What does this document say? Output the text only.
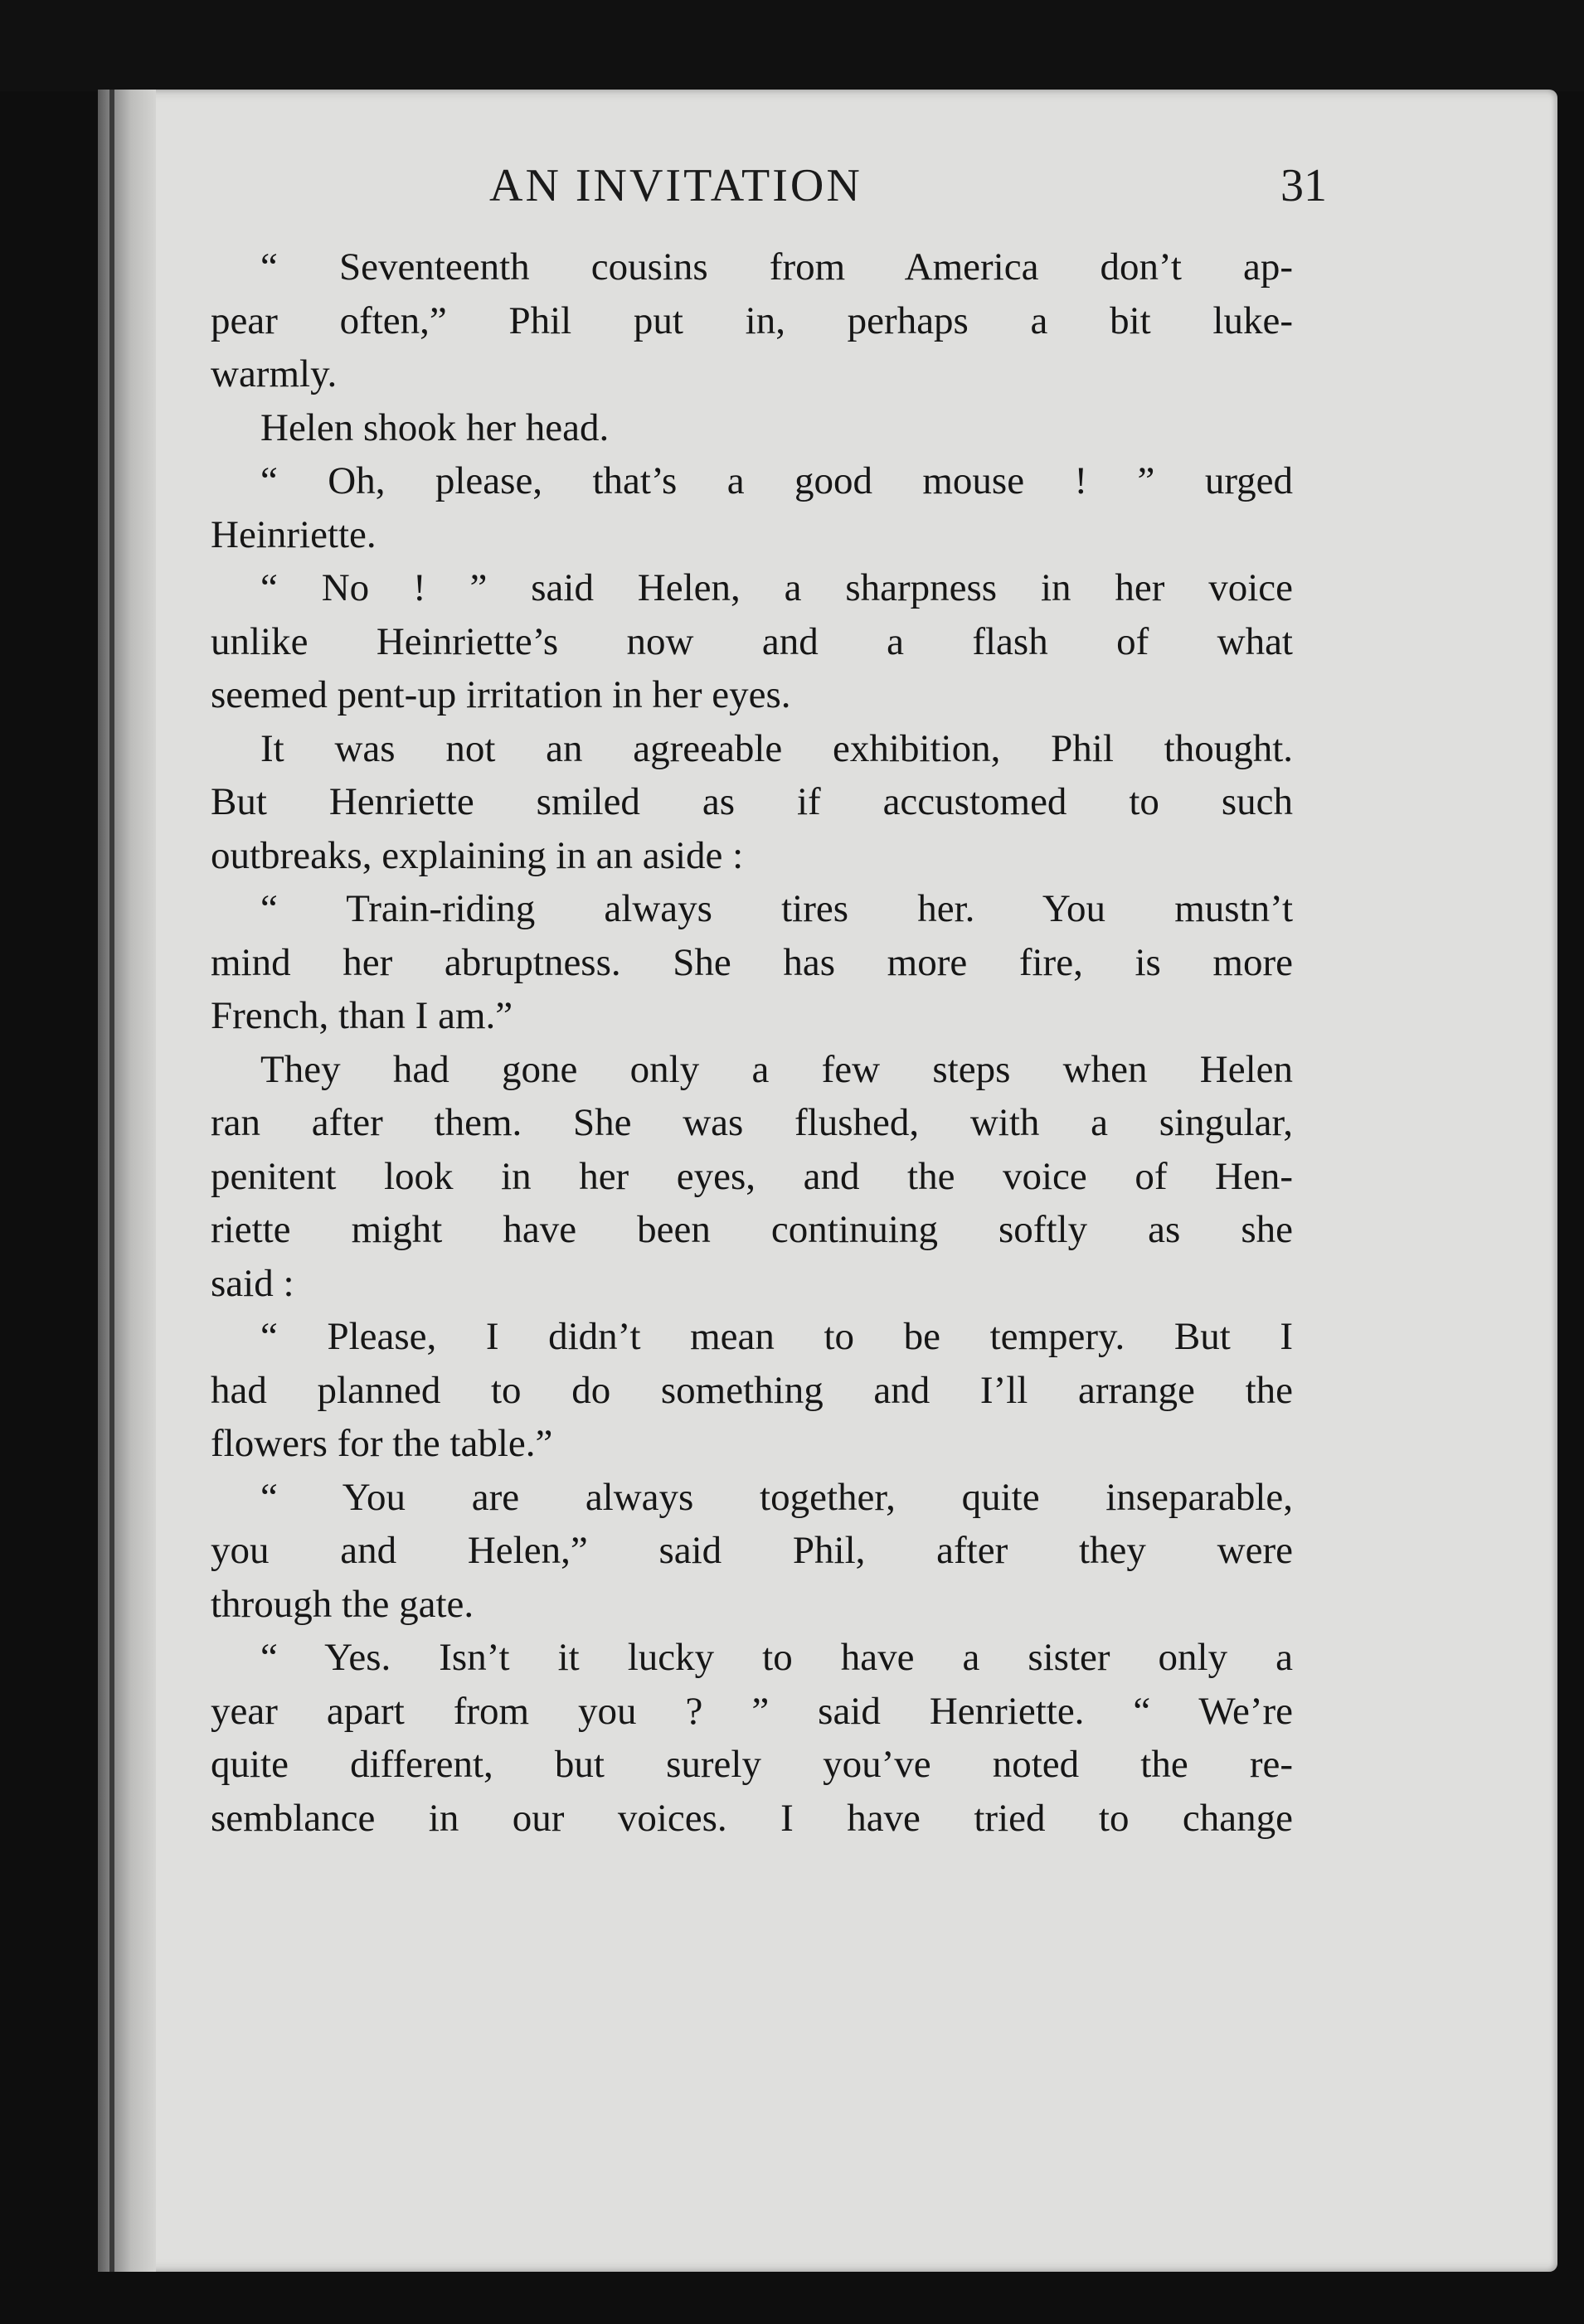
AN INVITATION	31
“ Seventeenth cousins from America don’t ap-
pear often,” Phil put in, perhaps a bit luke-
warmly.
Helen shook her head.
“ Oh, please, that’s a good mouse ! ” urged
Heinriette.
“ No ! ” said Helen, a sharpness in her voice
unlike Heinriette’s now and a flash of what
seemed pent-up irritation in her eyes.
It was not an agreeable exhibition, Phil thought.
But Henriette smiled as if accustomed to such
outbreaks, explaining in an aside :
“ Train-riding always tires her. You mustn’t
mind her abruptness. She has more fire, is more
French, than I am.”
They had gone only a few steps when Helen
ran after them. She was flushed, with a singular,
penitent look in her eyes, and the voice of Hen-
riette might have been continuing softly as she
said :
“ Please, I didn’t mean to be tempery. But I
had planned to do something and I’ll arrange the
flowers for the table.”
“ You are always together, quite inseparable,
you and Helen,” said Phil, after they were
through the gate.
“ Yes. Isn’t it lucky to have a sister only a
year apart from you ? ” said Henriette. “ We’re
quite different, but surely you’ve noted the re-
semblance in our voices. I have tried to change
